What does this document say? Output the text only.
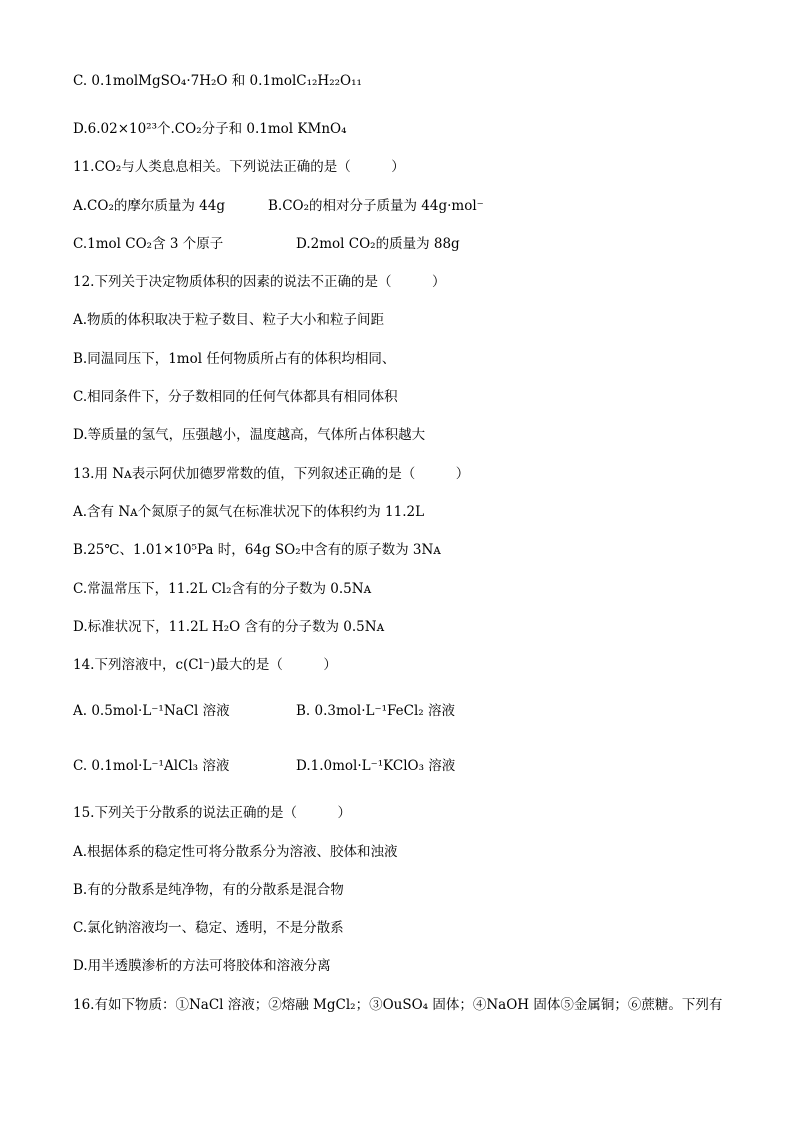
C. 0.1molMgSO₄·7H₂O 和 0.1molC₁₂H₂₂O₁₁
D.6.02×10²³个.CO₂分子和 0.1mol KMnO₄
11.CO₂与人类息息相关。下列说法正确的是（　　　）
A.CO₂的摩尔质量为 44g	B.CO₂的相对分子质量为 44g·mol⁻
C.1mol CO₂含 3 个原子	D.2mol CO₂的质量为 88g
12.下列关于决定物质体积的因素的说法不正确的是（　　　）
A.物质的体积取决于粒子数目、粒子大小和粒子间距
B.同温同压下，1mol 任何物质所占有的体积均相同、
C.相同条件下，分子数相同的任何气体都具有相同体积
D.等质量的氢气，压强越小，温度越高，气体所占体积越大
13.用 Nᴀ表示阿伏加德罗常数的值，下列叙述正确的是（　　　）
A.含有 Nᴀ个氮原子的氮气在标准状况下的体积约为 11.2L
B.25℃、1.01×10⁵Pa 时，64g SO₂中含有的原子数为 3Nᴀ
C.常温常压下，11.2L Cl₂含有的分子数为 0.5Nᴀ
D.标准状况下，11.2L H₂O 含有的分子数为 0.5Nᴀ
14.下列溶液中，c(Cl⁻)最大的是（　　　）
A. 0.5mol·L⁻¹NaCl 溶液	B. 0.3mol·L⁻¹FeCl₂ 溶液
C. 0.1mol·L⁻¹AlCl₃ 溶液	D.1.0mol·L⁻¹KClO₃ 溶液
15.下列关于分散系的说法正确的是（　　　）
A.根据体系的稳定性可将分散系分为溶液、胶体和浊液
B.有的分散系是纯净物，有的分散系是混合物
C.氯化钠溶液均一、稳定、透明，不是分散系
D.用半透膜渗析的方法可将胶体和溶液分离
16.有如下物质：①NaCl 溶液；②熔融 MgCl₂；③OuSO₄ 固体；④NaOH 固体⑤金属铜；⑥蔗糖。下列有
